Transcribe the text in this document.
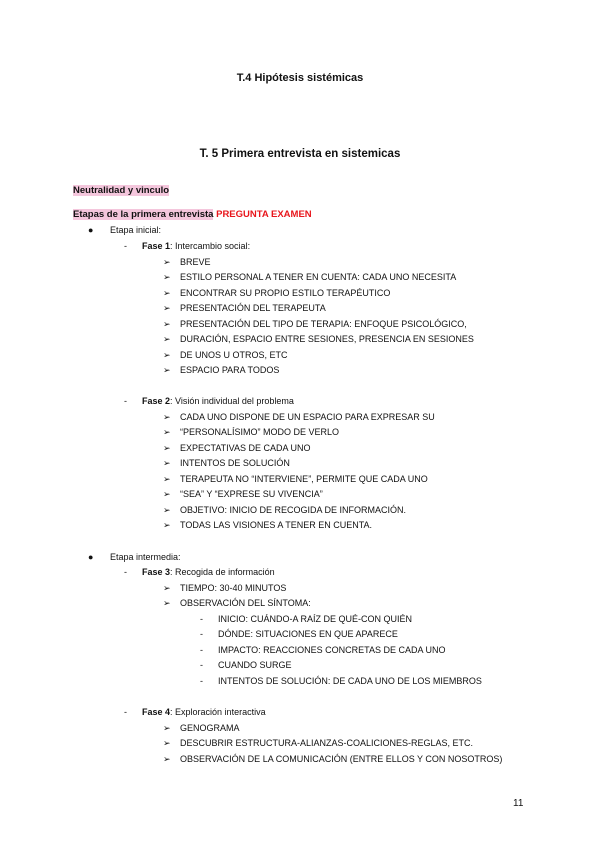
T.4 Hipótesis sistémicas
T. 5 Primera entrevista en sistemicas
Neutralidad y vinculo
Etapas de la primera entrevista PREGUNTA EXAMEN
● Etapa inicial:
- Fase 1: Intercambio social:
➢ BREVE
➢ ESTILO PERSONAL A TENER EN CUENTA: CADA UNO NECESITA
➢ ENCONTRAR SU PROPIO ESTILO TERAPÉUTICO
➢ PRESENTACIÓN DEL TERAPEUTA
➢ PRESENTACIÓN DEL TIPO DE TERAPIA: ENFOQUE PSICOLÓGICO,
➢ DURACIÓN, ESPACIO ENTRE SESIONES, PRESENCIA EN SESIONES
➢ DE UNOS U OTROS, ETC
➢ ESPACIO PARA TODOS
- Fase 2: Visión individual del problema
➢ CADA UNO DISPONE DE UN ESPACIO PARA EXPRESAR SU
➢ “PERSONALÍSIMO” MODO DE VERLO
➢ EXPECTATIVAS DE CADA UNO
➢ INTENTOS DE SOLUCIÓN
➢ TERAPEUTA NO “INTERVIENE”, PERMITE QUE CADA UNO
➢ “SEA” Y “EXPRESE SU VIVENCIA”
➢ OBJETIVO: INICIO DE RECOGIDA DE INFORMACIÓN.
➢ TODAS LAS VISIONES A TENER EN CUENTA.
● Etapa intermedia:
- Fase 3: Recogida de información
➢ TIEMPO: 30-40 MINUTOS
➢ OBSERVACIÓN DEL SÍNTOMA:
- INICIO: CUÁNDO-A RAÍZ DE QUÉ-CON QUIÉN
- DÓNDE: SITUACIONES EN QUE APARECE
- IMPACTO: REACCIONES CONCRETAS DE CADA UNO
- CUANDO SURGE
- INTENTOS DE SOLUCIÓN: DE CADA UNO DE LOS MIEMBROS
- Fase 4: Exploración interactiva
➢ GENOGRAMA
➢ DESCUBRIR ESTRUCTURA-ALIANZAS-COALICIONES-REGLAS, ETC.
➢ OBSERVACIÓN DE LA COMUNICACIÓN (ENTRE ELLOS Y CON NOSOTROS)
11
